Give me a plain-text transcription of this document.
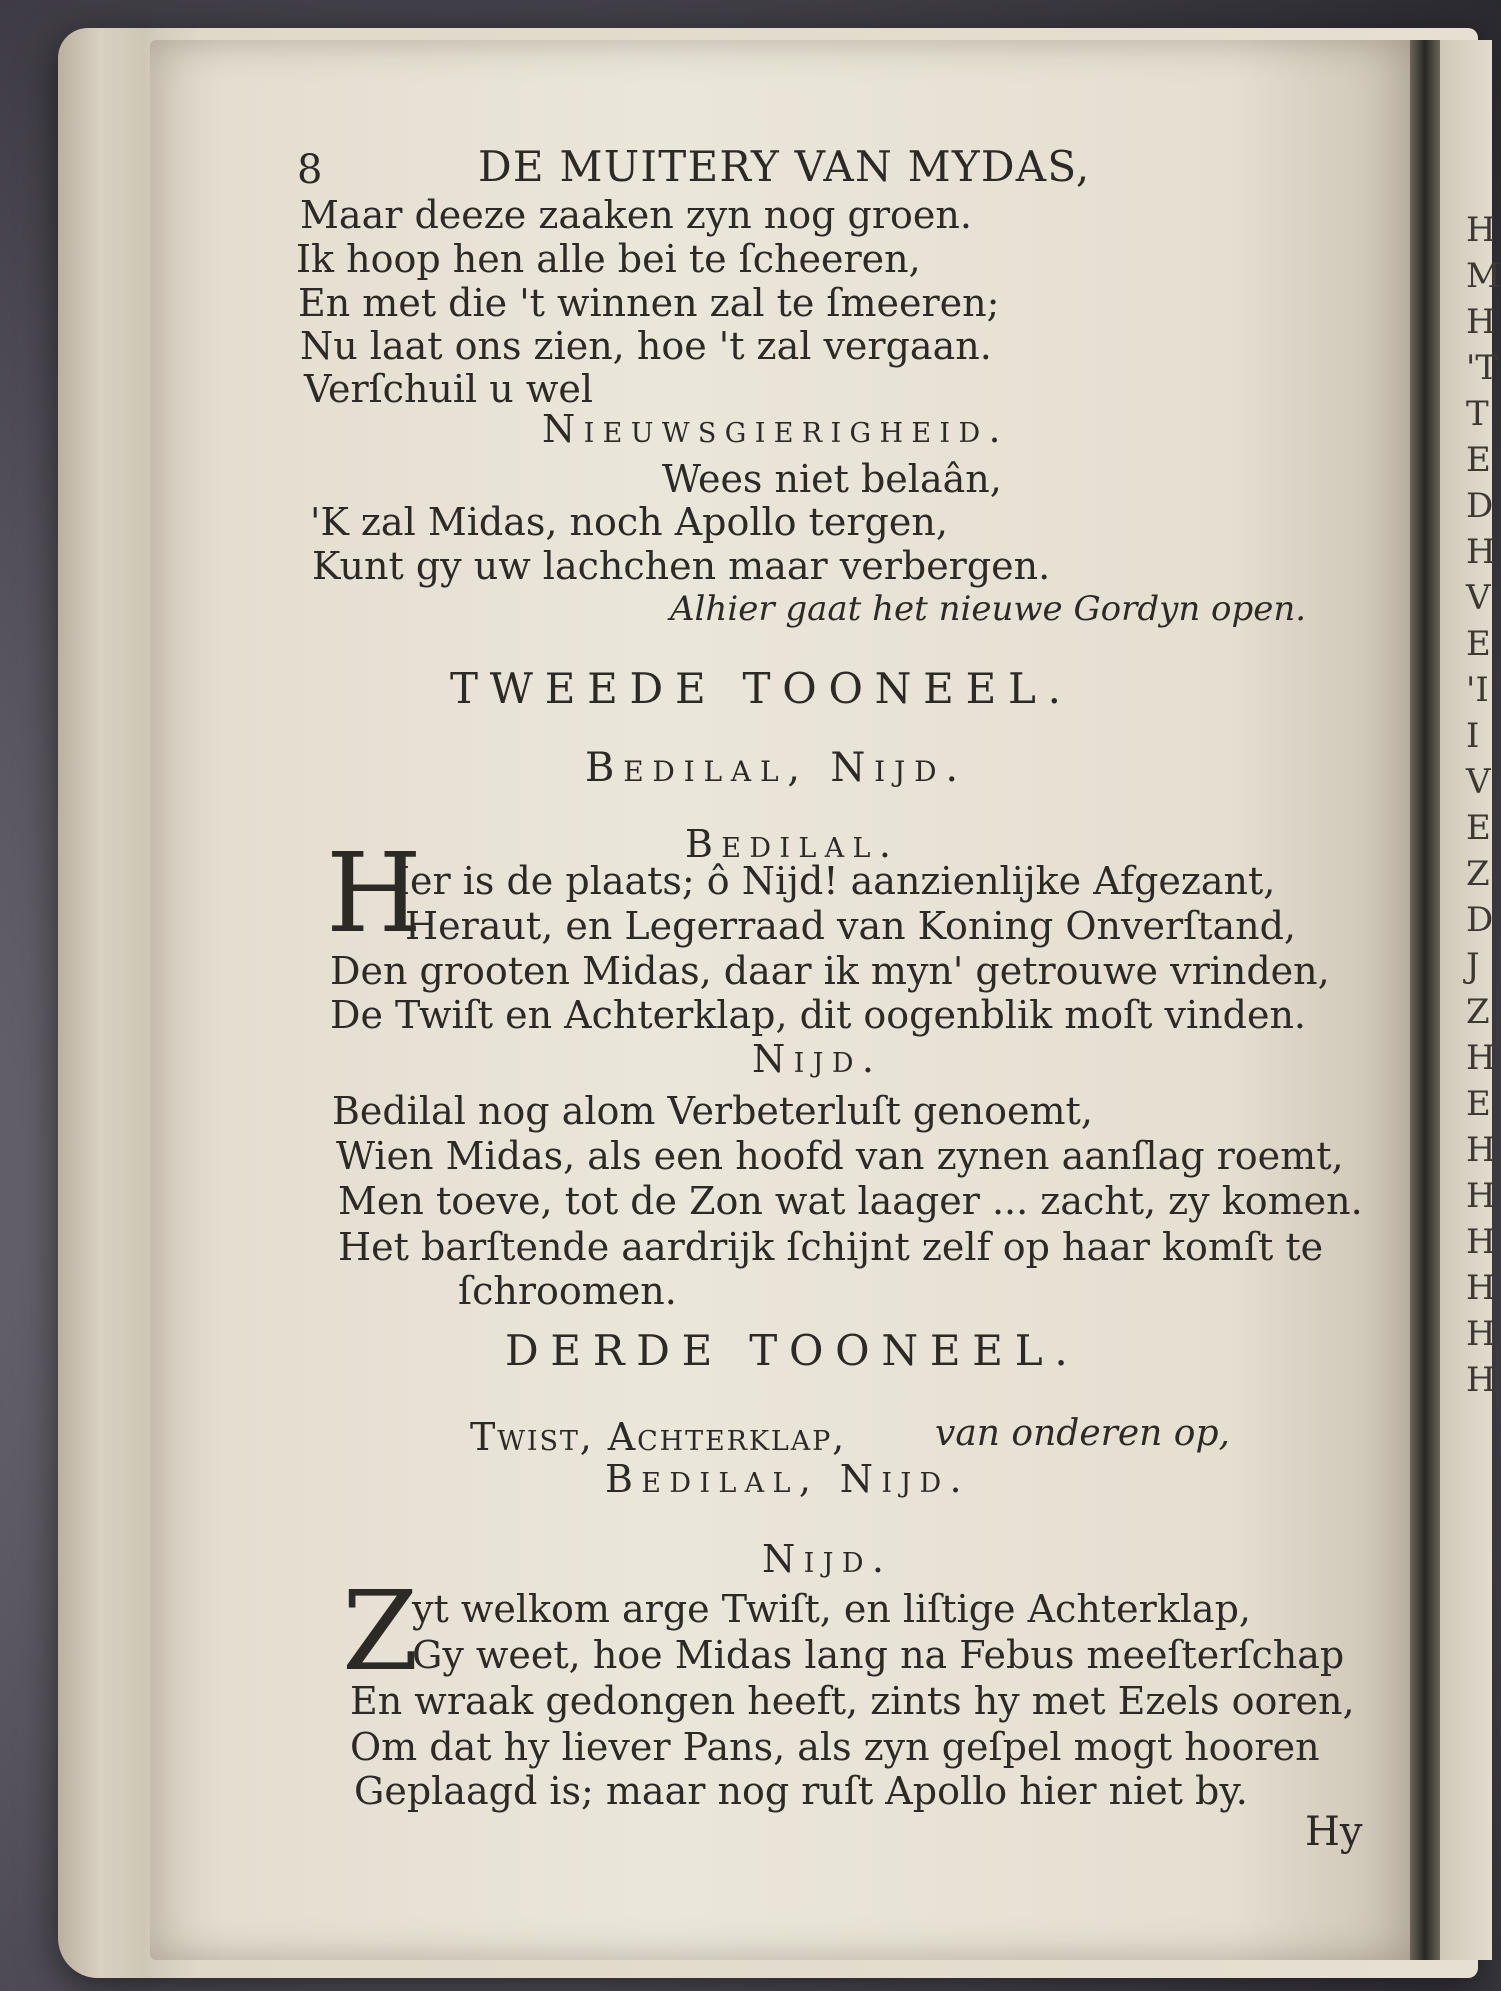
H
M
H
'T
T
E
D
H
V
E
'I
I
V
E
Z
D
J
Z
H
E
H
H
H
H
H
H
8	DE MUITERY VAN MYDAS,
Maar deeze zaaken zyn nog groen.
Ik hoop hen alle bei te ſcheeren,
En met die 't winnen zal te ſmeeren;
Nu laat ons zien, hoe 't zal vergaan.
Verſchuil u wel
Nieuwsgierigheid.
Wees niet belaân,
'K zal Midas, noch Apollo tergen,
Kunt gy uw lachchen maar verbergen.
Alhier gaat het nieuwe Gordyn open.
TWEEDE TOONEEL.
Bedilal, Nijd.
Bedilal.
H
Ier is de plaats; ô Nijd! aanzienlijke Afgezant,
Heraut, en Legerraad van Koning Onverſtand,
Den grooten Midas, daar ik myn' getrouwe vrinden,
De Twiſt en Achterklap, dit oogenblik moſt vinden.
Nijd.
Bedilal nog alom Verbeterluſt genoemt,
Wien Midas, als een hoofd van zynen aanſlag roemt,
Men toeve, tot de Zon wat laager ... zacht, zy komen.
Het barſtende aardrijk ſchijnt zelf op haar komſt te
ſchroomen.
DERDE TOONEEL.
Twist, Achterklap, van onderen op,
Bedilal, Nijd.
Nijd.
Z
yt welkom arge Twiſt, en liſtige Achterklap,
Gy weet, hoe Midas lang na Febus meeſterſchap
En wraak gedongen heeft, zints hy met Ezels ooren,
Om dat hy liever Pans, als zyn geſpel mogt hooren
Geplaagd is; maar nog ruſt Apollo hier niet by.
Hy
